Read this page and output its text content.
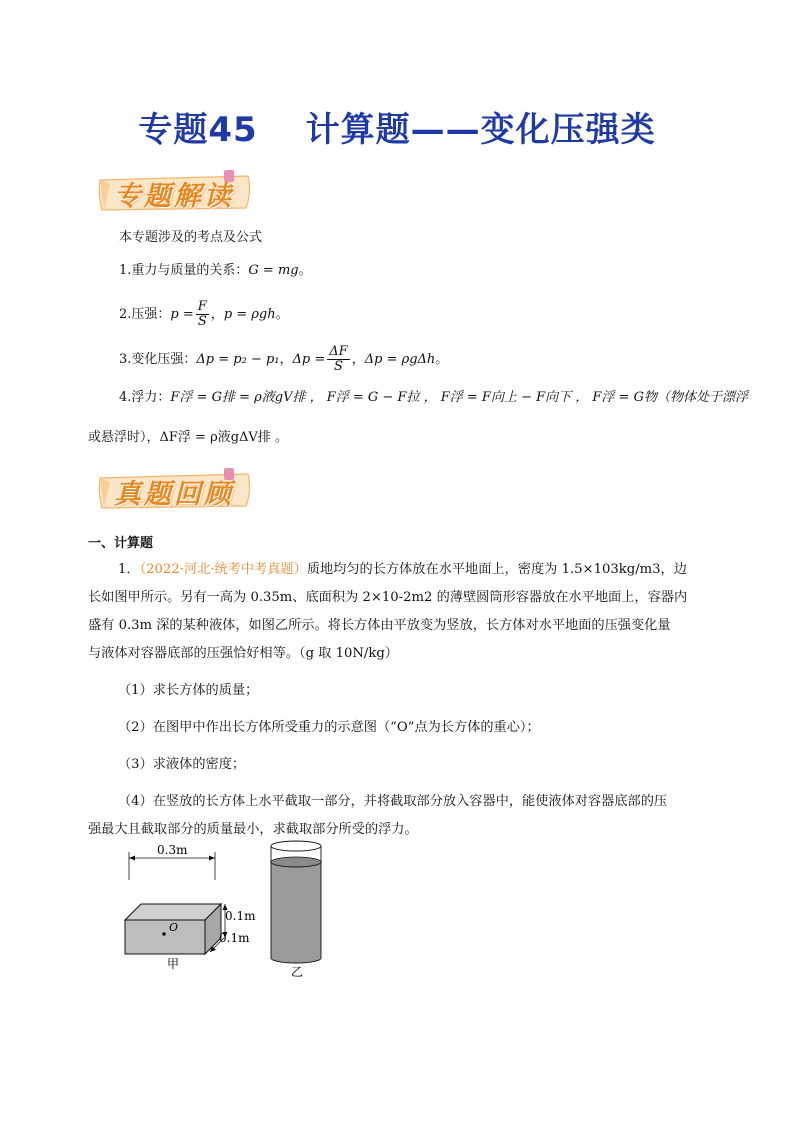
专题45 计算题——变化压强类
专题解读
本专题涉及的考点及公式
1.重力与质量的关系：G = mg。
2.压强：$p = \frac{F}{S}$ ，p = ρgh。
3.变化压强：Δp = p₂ − p₁，$\Delta p = \frac{\Delta F}{S}$ ，Δp = ρgΔh。
4.浮力：F浮 = G排 = ρ液gV排 ， F浮 = G − F拉 ， F浮 = F向上 − F向下 ， F浮 = G物（物体处于漂浮
或悬浮时），ΔF浮 = ρ液gΔV排 。
真题回顾
一、计算题
1．（2022·河北·统考中考真题）质地均匀的长方体放在水平地面上，密度为 1.5×103kg/m3，边
长如图甲所示。另有一高为 0.35m、底面积为 2×10-2m2 的薄壁圆筒形容器放在水平地面上，容器内
盛有 0.3m 深的某种液体，如图乙所示。将长方体由平放变为竖放，长方体对水平地面的压强变化量
与液体对容器底部的压强恰好相等。（g 取 10N/kg）
（1）求长方体的质量；
（2）在图甲中作出长方体所受重力的示意图（“O”点为长方体的重心）；
（3）求液体的密度；
（4）在竖放的长方体上水平截取一部分，并将截取部分放入容器中，能使液体对容器底部的压
强最大且截取部分的质量最小，求截取部分所受的浮力。
0.3m
O
0.1m
0.1m
甲
乙
